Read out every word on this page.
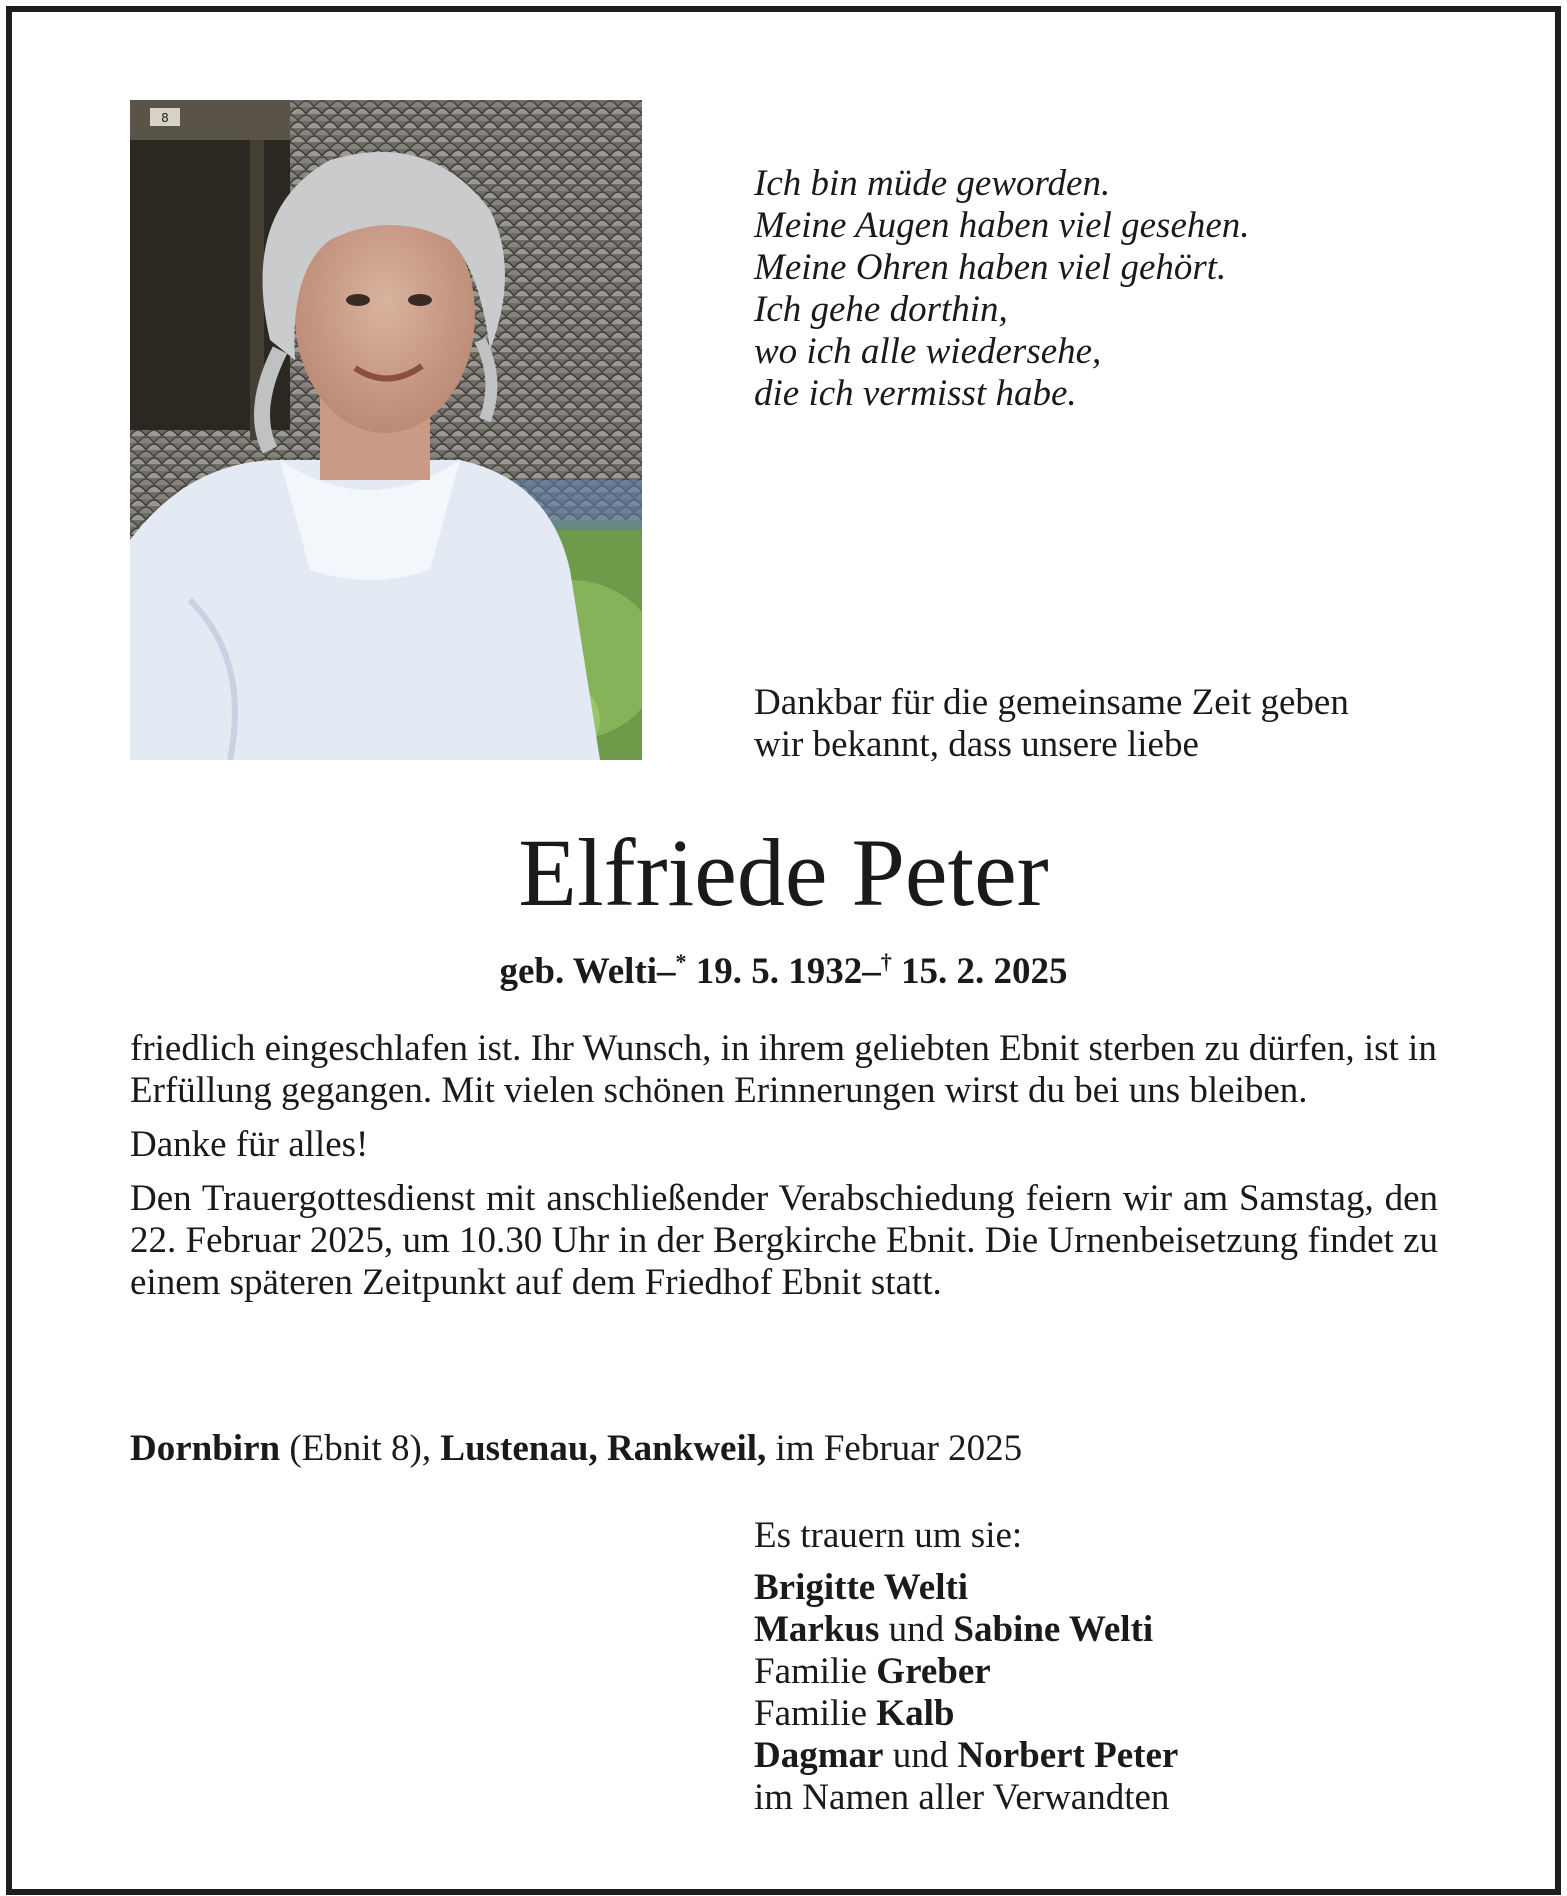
8
Ich bin müde geworden.
Meine Augen haben viel gesehen.
Meine Ohren haben viel gehört.
Ich gehe dorthin,
wo ich alle wiedersehe,
die ich vermisst habe.
Dankbar für die gemeinsame Zeit geben
wir bekannt, dass unsere liebe
Elfriede Peter
geb. Welti–* 19. 5. 1932–† 15. 2. 2025

friedlich eingeschlafen ist. Ihr Wunsch, in ihrem geliebten Ebnit sterben zu dürfen, ist in Erfüllung gegangen. Mit vielen schönen Erinnerungen wirst du bei uns bleiben.

Danke für alles!

Den Trauergottesdienst mit anschließender Verabschiedung feiern wir am Samstag, den 22. Februar 2025, um 10.30 Uhr in der Bergkirche Ebnit. Die Urnenbeisetzung findet zu einem späteren Zeitpunkt auf dem Friedhof Ebnit statt.

Dornbirn (Ebnit 8), Lustenau, Rankweil, im Februar 2025
Es trauern um sie:
Brigitte Welti
Markus und Sabine Welti
Familie Greber
Familie Kalb
Dagmar und Norbert Peter
im Namen aller Verwandten
